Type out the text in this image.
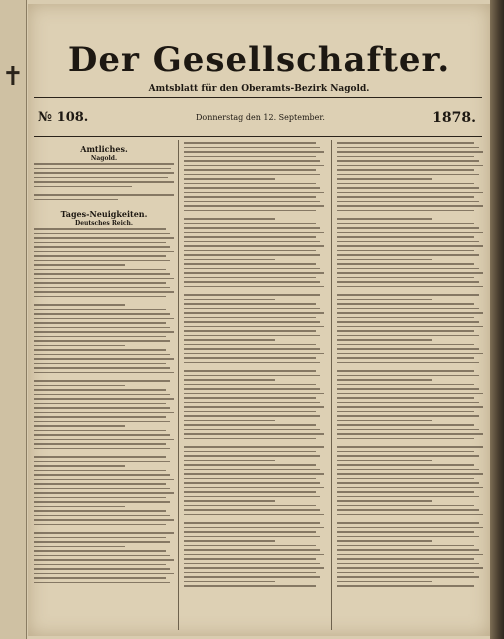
✝	Der Gesellschafter.
Amtsblatt für den Oberamts-Bezirk Nagold.
№ 108.	Donnerstag den 12. September.	1878.
Amtliches.
Nagold.
Tages-Neuigkeiten.
Deutsches Reich.
